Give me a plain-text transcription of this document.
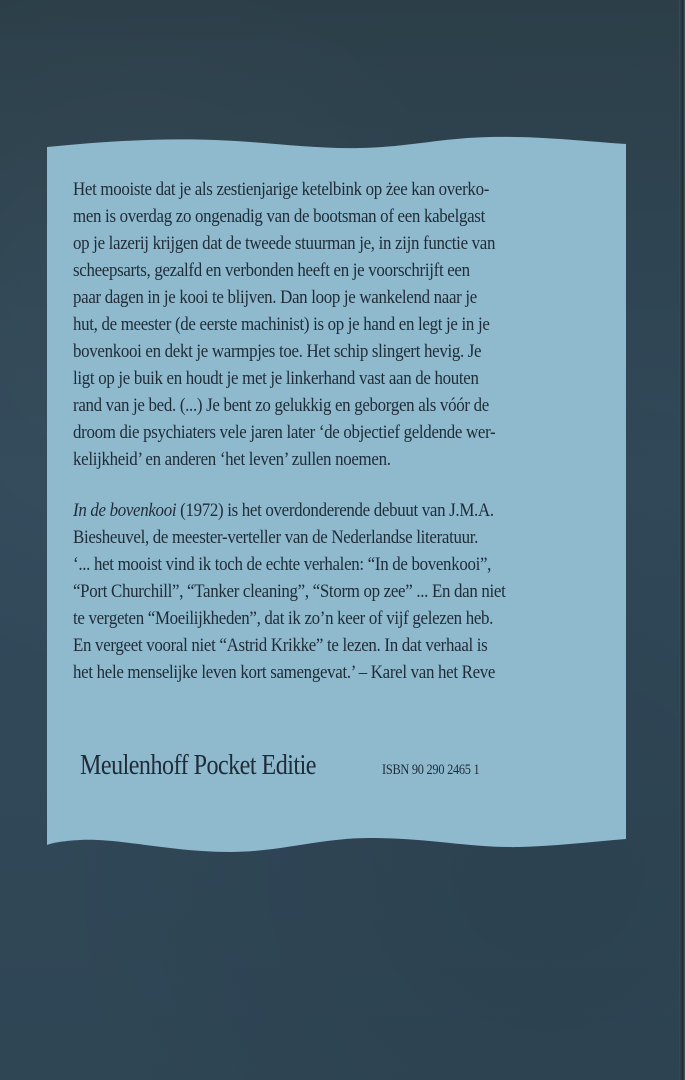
Het mooiste dat je als zestienjarige ketelbink op żee kan overko-
men is overdag zo ongenadig van de bootsman of een kabelgast
op je lazerij krijgen dat de tweede stuurman je, in zijn functie van
scheepsarts, gezalfd en verbonden heeft en je voorschrijft een
paar dagen in je kooi te blijven. Dan loop je wankelend naar je
hut, de meester (de eerste machinist) is op je hand en legt je in je
bovenkooi en dekt je warmpjes toe. Het schip slingert hevig. Je
ligt op je buik en houdt je met je linkerhand vast aan de houten
rand van je bed. (...) Je bent zo gelukkig en geborgen als vóór de
droom die psychiaters vele jaren later ‘de objectief geldende wer-
kelijkheid’ en anderen ‘het leven’ zullen noemen.

In de bovenkooi (1972) is het overdonderende debuut van J.M.A.
Biesheuvel, de meester-verteller van de Nederlandse literatuur.
‘... het mooist vind ik toch de echte verhalen: “In de bovenkooi”,
“Port Churchill”, “Tanker cleaning”, “Storm op zee” ... En dan niet
te vergeten “Moeilijkheden”, dat ik zo’n keer of vijf gelezen heb.
En vergeet vooral niet “Astrid Krikke” te lezen. In dat verhaal is
het hele menselijke leven kort samengevat.’ – Karel van het Reve

Meulenhoff Pocket Editie	ISBN 90 290 2465 1
